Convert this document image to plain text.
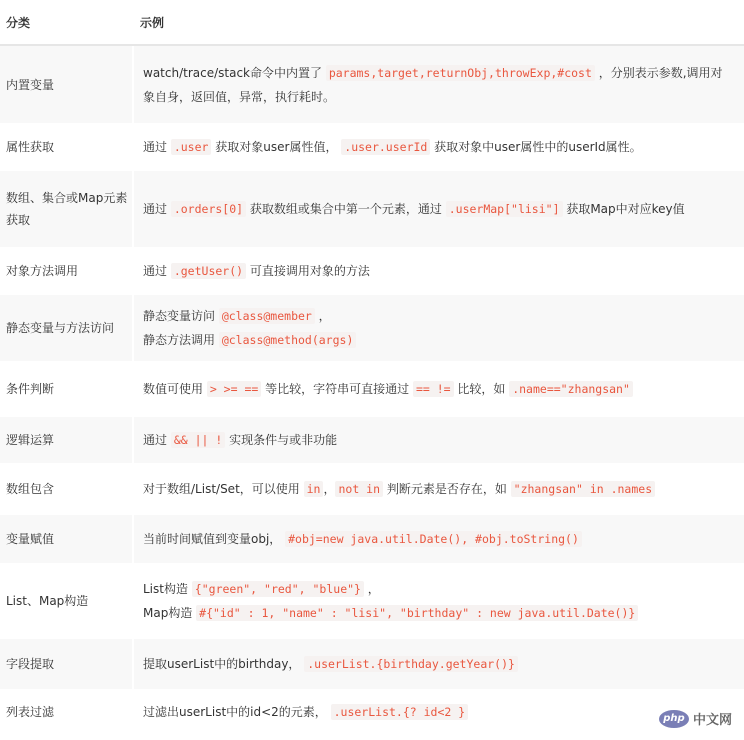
分类	示例
内置变量	watch/trace/stack命令中内置了 params,target,returnObj,throwExp,#cost ，分别表示参数,调用对象自身，返回值，异常，执行耗时。
属性获取	通过 .user 获取对象user属性值， .user.userId 获取对象中user属性中的userId属性。
数组、集合或Map元素获取	通过 .orders[0] 获取数组或集合中第一个元素，通过 .userMap["lisi"] 获取Map中对应key值
对象方法调用	通过 .getUser() 可直接调用对象的方法
静态变量与方法访问	静态变量访问 @class@member ，
静态方法调用 @class@method(args)
条件判断	数值可使用 > >= == 等比较，字符串可直接通过 == != 比较，如 .name=="zhangsan"
逻辑运算	通过 && || ! 实现条件与或非功能
数组包含	对于数组/List/Set，可以使用 in ， not in 判断元素是否存在，如 "zhangsan" in .names
变量赋值	当前时间赋值到变量obj， #obj=new java.util.Date(), #obj.toString()
List、Map构造	List构造 {"green", "red", "blue"} ，
Map构造 #{"id" : 1, "name" : "lisi", "birthday" : new java.util.Date()}
字段提取	提取userList中的birthday， .userList.{birthday.getYear()}
列表过滤	过滤出userList中的id<2的元素， .userList.{? id<2 }	php 中文网
